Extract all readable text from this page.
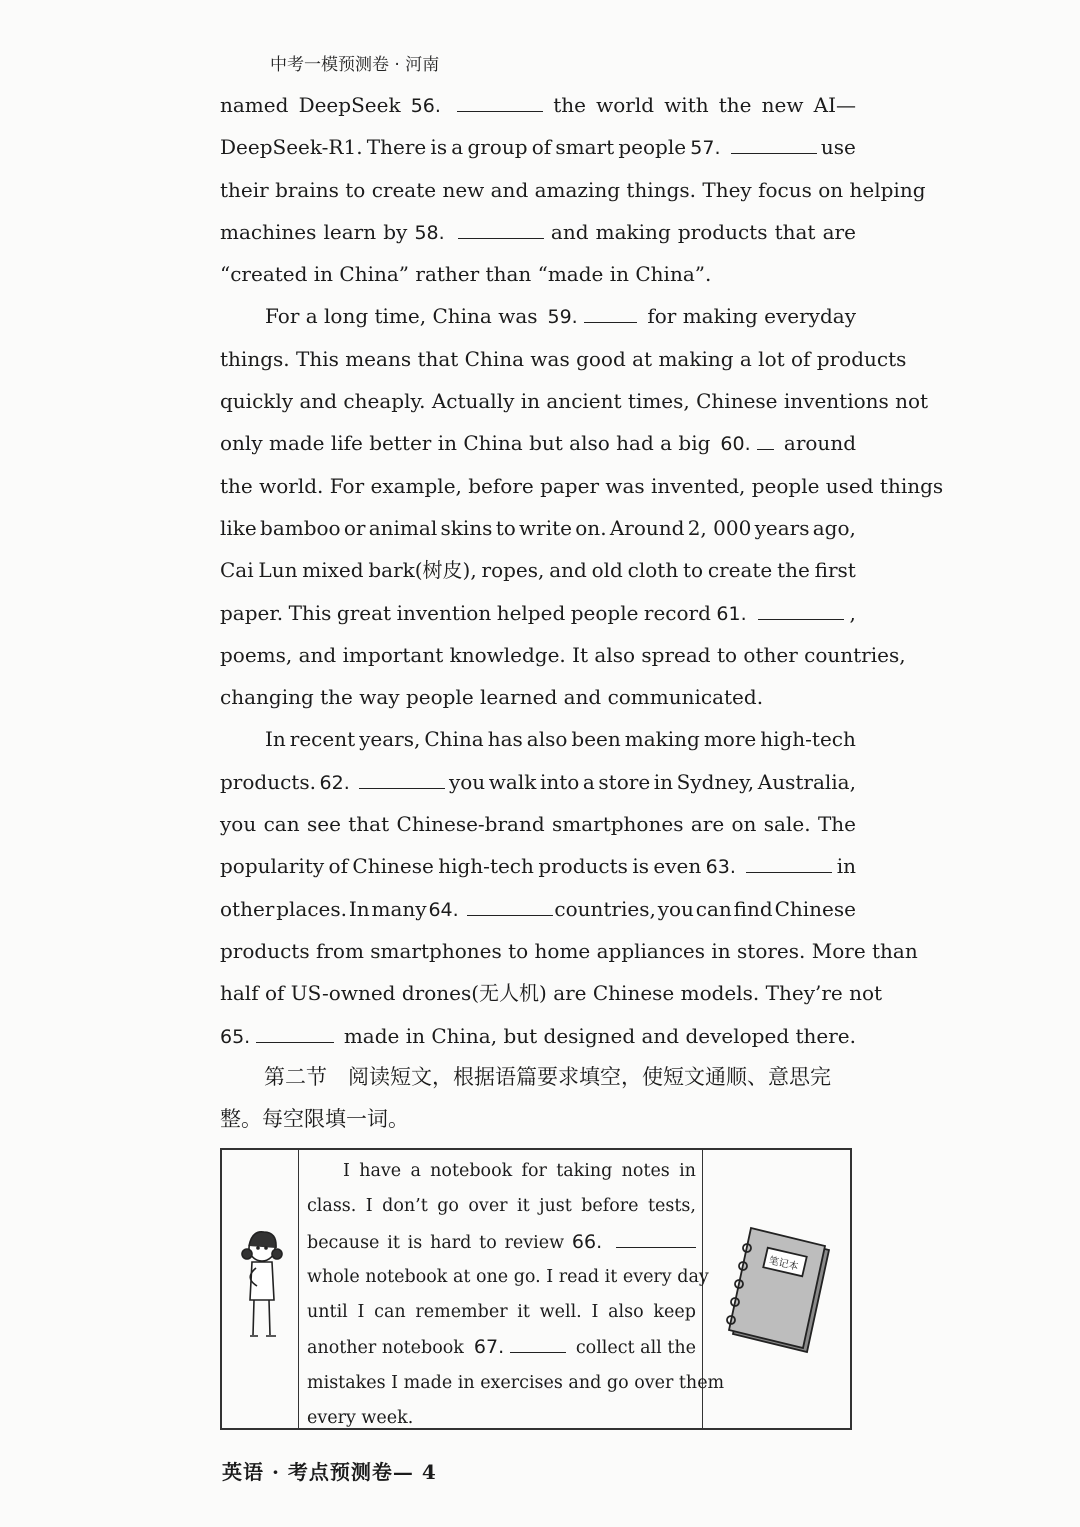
中考一模预测卷 · 河南
named DeepSeek 56.	the world with the new AI—
DeepSeek-R1. There is a group of smart people 57.	use
their brains to create new and amazing things. They focus on helping
machines learn by 58.	and making products that are
“created in China” rather than “made in China”.
For a long time, China was 59.	for making everyday
things. This means that China was good at making a lot of products
quickly and cheaply. Actually in ancient times, Chinese inventions not
only made life better in China but also had a big 60. around
the world. For example, before paper was invented, people used things
like bamboo or animal skins to write on. Around 2, 000 years ago,
Cai Lun mixed bark(树皮), ropes, and old cloth to create the first
paper. This great invention helped people record 61.	,
poems, and important knowledge. It also spread to other countries,
changing the way people learned and communicated.
In recent years, China has also been making more high-tech
products. 62.	you walk into a store in Sydney, Australia,
you can see that Chinese-brand smartphones are on sale. The
popularity of Chinese high-tech products is even 63.	in
other places. In many 64.	countries, you can find Chinese
products from smartphones to home appliances in stores. More than
half of US-owned drones(无人机) are Chinese models. They’re not
65.	made in China, but designed and developed there.
第二节　阅读短文，根据语篇要求填空，使短文通顺、意思完
整。每空限填一词。
I have a notebook for taking notes in
class. I don’t go over it just before tests,
because it is hard to review 66.
whole notebook at one go. I read it every day
until I can remember it well. I also keep
another notebook 67.	collect all the
mistakes I made in exercises and go over them
every week.
笔记本
英语 · 考点预测卷— 4
